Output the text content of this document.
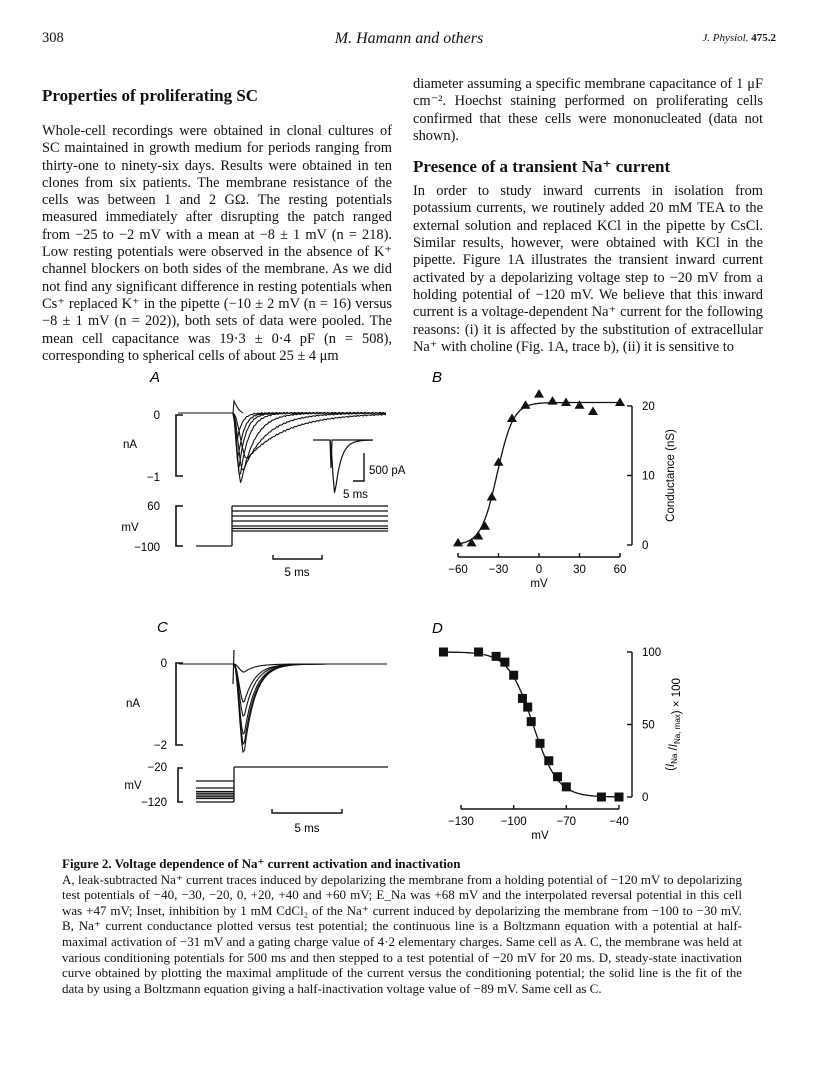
308	M. Hamann and others	J. Physiol. 475.2
Properties of proliferating SC

Whole-cell recordings were obtained in clonal cultures of SC maintained in growth medium for periods ranging from thirty-one to ninety-six days. Results were obtained in ten clones from six patients. The membrane resistance of the cells was between 1 and 2 GΩ. The resting potentials measured immediately after disrupting the patch ranged from −25 to −2 mV with a mean at −8 ± 1 mV (n = 218). Low resting potentials were observed in the absence of K⁺ channel blockers on both sides of the membrane. As we did not find any significant difference in resting potentials when Cs⁺ replaced K⁺ in the pipette (−10 ± 2 mV (n = 16) versus −8 ± 1 mV (n = 202)), both sets of data were pooled. The mean cell capacitance was 19·3 ± 0·4 pF (n = 508), corresponding to spherical cells of about 25 ± 4 μm

diameter assuming a specific membrane capacitance of 1 μF cm⁻². Hoechst staining performed on proliferating cells confirmed that these cells were mononucleated (data not shown).

Presence of a transient Na⁺ current

In order to study inward currents in isolation from potassium currents, we routinely added 20 mM TEA to the external solution and replaced KCl in the pipette by CsCl. Similar results, however, were obtained with KCl in the pipette. Figure 1A illustrates the transient inward current activated by a depolarizing voltage step to −20 mV from a holding potential of −120 mV. We believe that this inward current is a voltage-dependent Na⁺ current for the following reasons: (i) it is affected by the substitution of extracellular Na⁺ with choline (Fig. 1A, trace b), (ii) it is sensitive to

A
0
−1
nA
500 pA
5 ms
60
−100
mV
5 ms
B
−60 −30 0	30 60
mV
0
10
20
Conductance (nS)
C
0
−2
nA
−20
−120
mV
5 ms
D
−130 −100	−70	−40
mV
0
50
100
($I_{Na}$ $/I_{Na, max}) \times 100$

Figure 2. Voltage dependence of Na⁺ current activation and inactivation

A, leak-subtracted Na⁺ current traces induced by depolarizing the membrane from a holding potential of −120 mV to depolarizing test potentials of −40, −30, −20, 0, +20, +40 and +60 mV; E_Na was +68 mV and the interpolated reversal potential in this cell was +47 mV; Inset, inhibition by 1 mM CdCl₂ of the Na⁺ current induced by depolarizing the membrane from −100 to −30 mV. B, Na⁺ current conductance plotted versus test potential; the continuous line is a Boltzmann equation with a potential at half-maximal activation of −31 mV and a gating charge value of 4·2 elementary charges. Same cell as A. C, the membrane was held at various conditioning potentials for 500 ms and then stepped to a test potential of −20 mV for 20 ms. D, steady-state inactivation curve obtained by plotting the maximal amplitude of the current versus the conditioning potential; the solid line is the fit of the data by using a Boltzmann equation giving a half-inactivation voltage value of −89 mV. Same cell as C.
